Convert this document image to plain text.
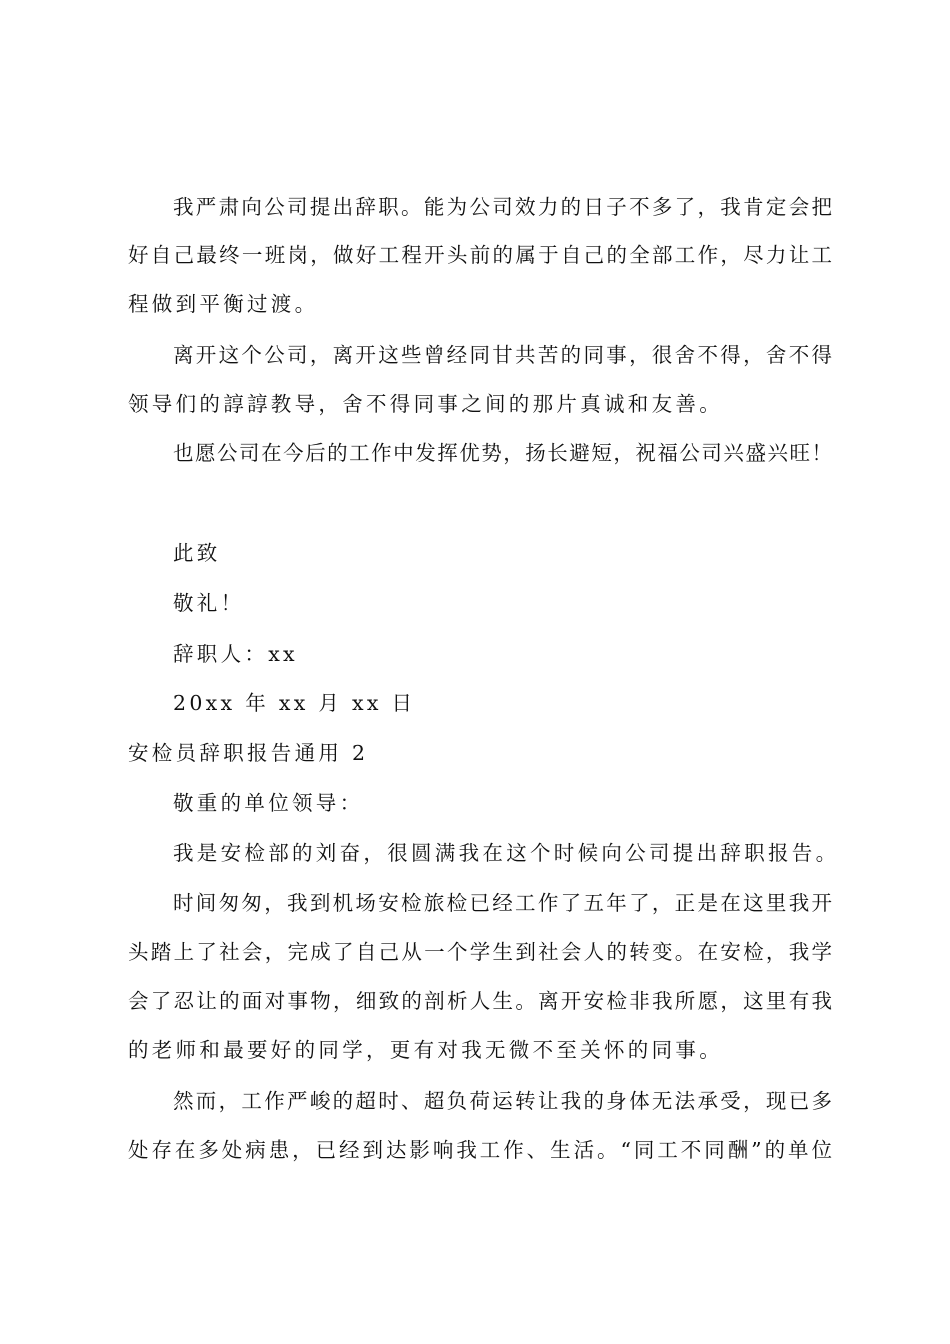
我严肃向公司提出辞职。能为公司效力的日子不多了，我肯定会把
好自己最终一班岗，做好工程开头前的属于自己的全部工作，尽力让工
程做到平衡过渡。
离开这个公司，离开这些曾经同甘共苦的同事，很舍不得，舍不得
领导们的諄諄教导，舍不得同事之间的那片真诚和友善。
也愿公司在今后的工作中发挥优势，扬长避短，祝福公司兴盛兴旺！
此致
敬礼！
辞职人：xx
20xx 年 xx 月 xx 日
安检员辞职报告通用 2
敬重的单位领导：
我是安检部的刘奋，很圆满我在这个时候向公司提出辞职报告。
时间匆匆，我到机场安检旅检已经工作了五年了，正是在这里我开
头踏上了社会，完成了自己从一个学生到社会人的转变。在安检，我学
会了忍让的面对事物，细致的剖析人生。离开安检非我所愿，这里有我
的老师和最要好的同学，更有对我无微不至关怀的同事。
然而，工作严峻的超时、超负荷运转让我的身体无法承受，现已多
处存在多处病患，已经到达影响我工作、生活。“同工不同酬”的单位
